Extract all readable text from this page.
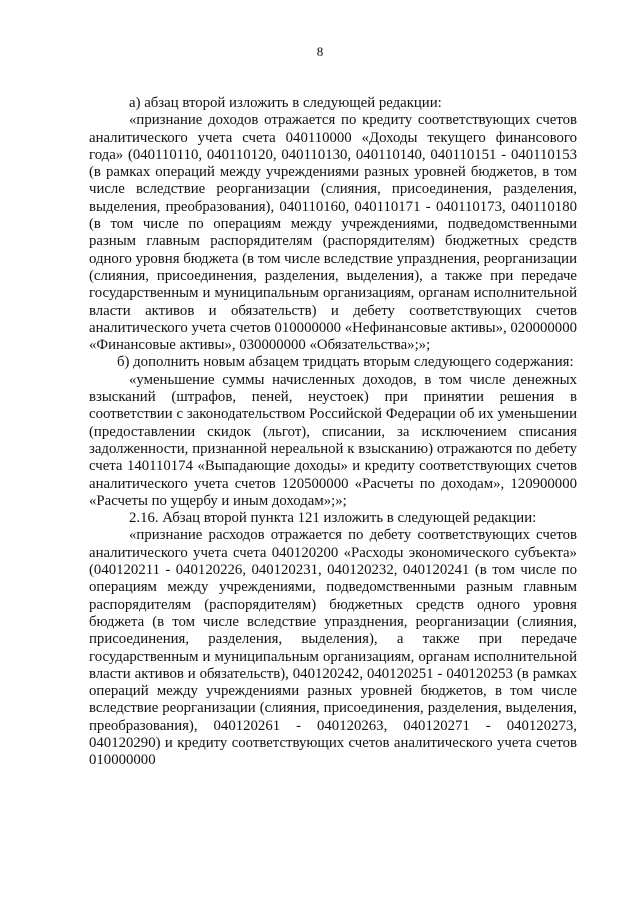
8

а) абзац второй изложить в следующей редакции:

«признание доходов отражается по кредиту соответствующих счетов аналитического учета счета 040110000 «Доходы текущего финансового года» (040110110, 040110120, 040110130, 040110140, 040110151 - 040110153 (в рамках операций между учреждениями разных уровней бюджетов, в том числе вследствие реорганизации (слияния, присоединения, разделения, выделения, преобразования), 040110160, 040110171 - 040110173, 040110180 (в том числе по операциям между учреждениями, подведомственными разным главным распорядителям (распорядителям) бюджетных средств одного уровня бюджета (в том числе вследствие упразднения, реорганизации (слияния, присоединения, разделения, выделения), а также при передаче государственным и муниципальным организациям, органам исполнительной власти активов и обязательств) и дебету соответствующих счетов аналитического учета счетов 010000000 «Нефинансовые активы», 020000000 «Финансовые активы», 030000000 «Обязательства»;»;

б) дополнить новым абзацем тридцать вторым следующего содержания:

«уменьшение суммы начисленных доходов, в том числе денежных взысканий (штрафов, пеней, неустоек) при принятии решения в соответствии с законодательством Российской Федерации об их уменьшении (предоставлении скидок (льгот), списании, за исключением списания задолженности, признанной нереальной к взысканию) отражаются по дебету счета 140110174 «Выпадающие доходы» и кредиту соответствующих счетов аналитического учета счетов 120500000 «Расчеты по доходам», 120900000 «Расчеты по ущербу и иным доходам»;»;

2.16. Абзац второй пункта 121 изложить в следующей редакции:

«признание расходов отражается по дебету соответствующих счетов аналитического учета счета 040120200 «Расходы экономического субъекта» (040120211 - 040120226, 040120231, 040120232, 040120241 (в том числе по операциям между учреждениями, подведомственными разным главным распорядителям (распорядителям) бюджетных средств одного уровня бюджета (в том числе вследствие упразднения, реорганизации (слияния, присоединения, разделения, выделения), а также при передаче государственным и муниципальным организациям, органам исполнительной власти активов и обязательств), 040120242, 040120251 - 040120253 (в рамках операций между учреждениями разных уровней бюджетов, в том числе вследствие реорганизации (слияния, присоединения, разделения, выделения, преобразования), 040120261 - 040120263, 040120271 - 040120273, 040120290) и кредиту соответствующих счетов аналитического учета счетов 010000000
